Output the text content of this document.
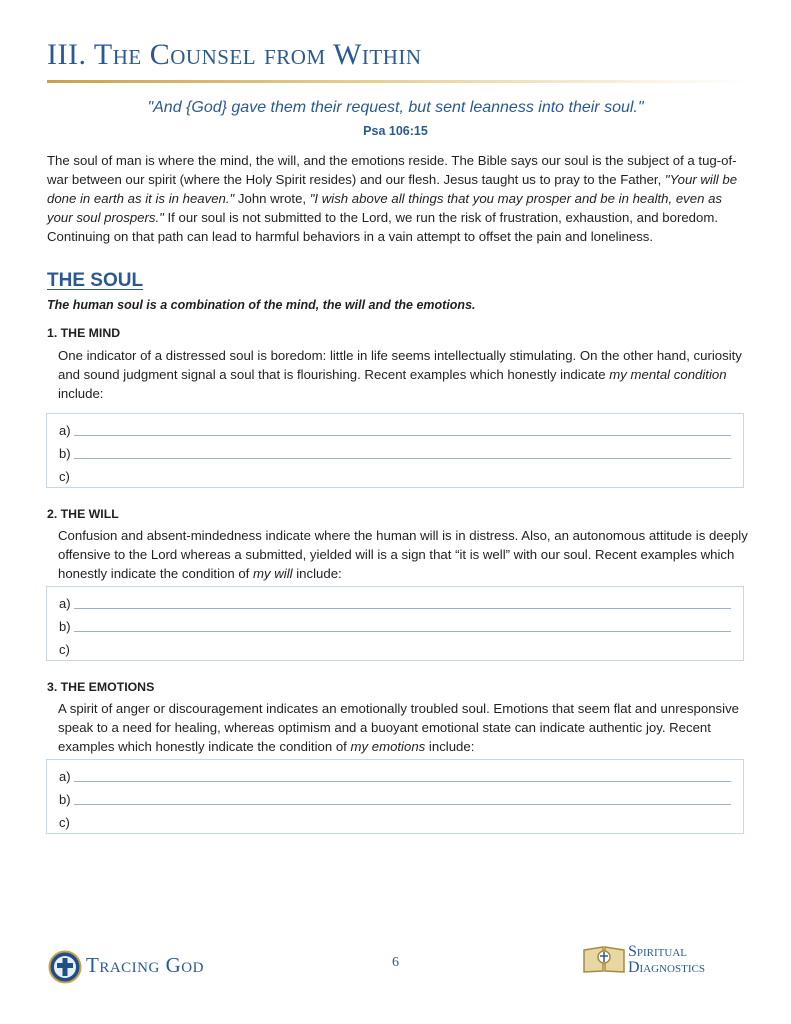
III. The Counsel from Within
"And {God} gave them their request, but sent leanness into their soul."
Psa 106:15

The soul of man is where the mind, the will, and the emotions reside. The Bible says our soul is the subject of a tug-of-war between our spirit (where the Holy Spirit resides) and our flesh. Jesus taught us to pray to the Father, "Your will be done in earth as it is in heaven." John wrote, "I wish above all things that you may prosper and be in health, even as your soul prospers." If our soul is not submitted to the Lord, we run the risk of frustration, exhaustion, and boredom. Continuing on that path can lead to harmful behaviors in a vain attempt to offset the pain and loneliness.

THE SOUL
The human soul is a combination of the mind, the will and the emotions.
1. THE MIND

One indicator of a distressed soul is boredom: little in life seems intellectually stimulating. On the other hand, curiosity and sound judgment signal a soul that is flourishing. Recent examples which honestly indicate my mental condition include:

a)
b)
c)
2. THE WILL

Confusion and absent-mindedness indicate where the human will is in distress. Also, an autonomous attitude is deeply offensive to the Lord whereas a submitted, yielded will is a sign that “it is well” with our soul. Recent examples which honestly indicate the condition of my will include:

a)
b)
c)
3. THE EMOTIONS

A spirit of anger or discouragement indicates an emotionally troubled soul. Emotions that seem flat and unresponsive speak to a need for healing, whereas optimism and a buoyant emotional state can indicate authentic joy. Recent examples which honestly indicate the condition of my emotions include:

a)
b)
c)
Tracing God	6
Spiritual
Diagnostics
